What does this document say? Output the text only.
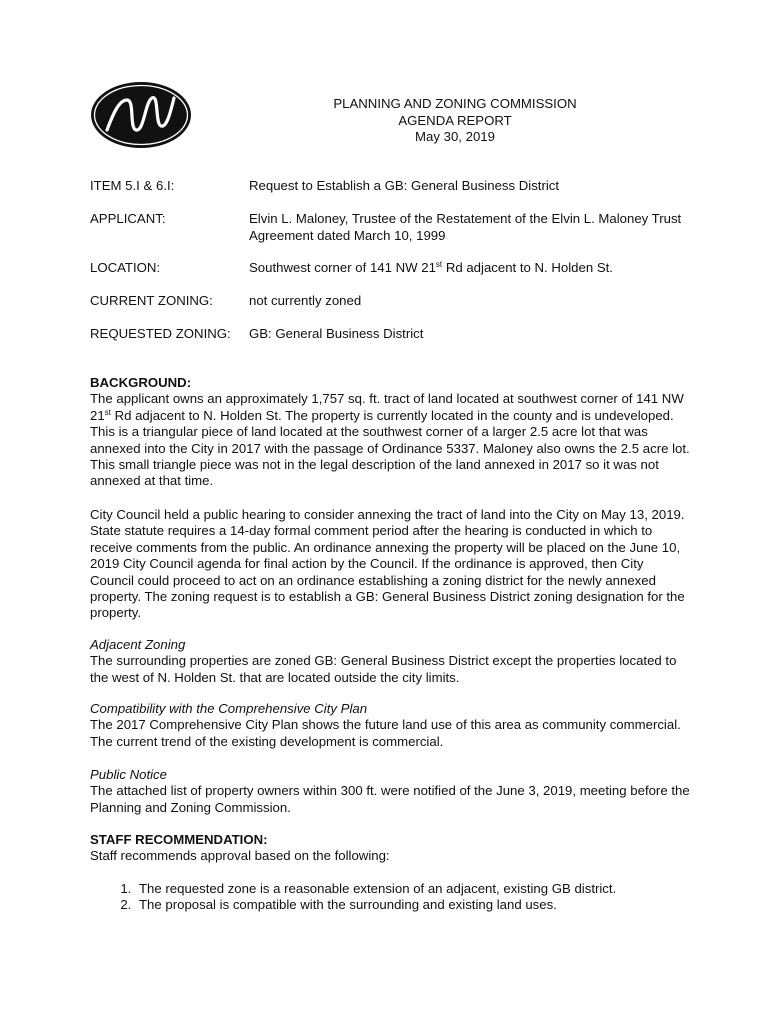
PLANNING AND ZONING COMMISSION
AGENDA REPORT
May 30, 2019
ITEM 5.I & 6.I:	Request to Establish a GB: General Business District
APPLICANT:	Elvin L. Maloney, Trustee of the Restatement of the Elvin L. Maloney Trust Agreement dated March 10, 1999
LOCATION:	Southwest corner of 141 NW 21st Rd adjacent to N. Holden St.
CURRENT ZONING:	not currently zoned
REQUESTED ZONING: GB: General Business District

BACKGROUND:

The applicant owns an approximately 1,757 sq. ft. tract of land located at southwest corner of 141 NW 21st Rd adjacent to N. Holden St. The property is currently located in the county and is undeveloped. This is a triangular piece of land located at the southwest corner of a larger 2.5 acre lot that was annexed into the City in 2017 with the passage of Ordinance 5337. Maloney also owns the 2.5 acre lot. This small triangle piece was not in the legal description of the land annexed in 2017 so it was not annexed at that time.

City Council held a public hearing to consider annexing the tract of land into the City on May 13, 2019. State statute requires a 14-day formal comment period after the hearing is conducted in which to receive comments from the public. An ordinance annexing the property will be placed on the June 10, 2019 City Council agenda for final action by the Council. If the ordinance is approved, then City Council could proceed to act on an ordinance establishing a zoning district for the newly annexed property. The zoning request is to establish a GB: General Business District zoning designation for the property.

Adjacent Zoning

The surrounding properties are zoned GB: General Business District except the properties located to the west of N. Holden St. that are located outside the city limits.

Compatibility with the Comprehensive City Plan

The 2017 Comprehensive City Plan shows the future land use of this area as community commercial. The current trend of the existing development is commercial.

Public Notice

The attached list of property owners within 300 ft. were notified of the June 3, 2019, meeting before the Planning and Zoning Commission.

STAFF RECOMMENDATION:

Staff recommends approval based on the following:

1. The requested zone is a reasonable extension of an adjacent, existing GB district.
2. The proposal is compatible with the surrounding and existing land uses.
